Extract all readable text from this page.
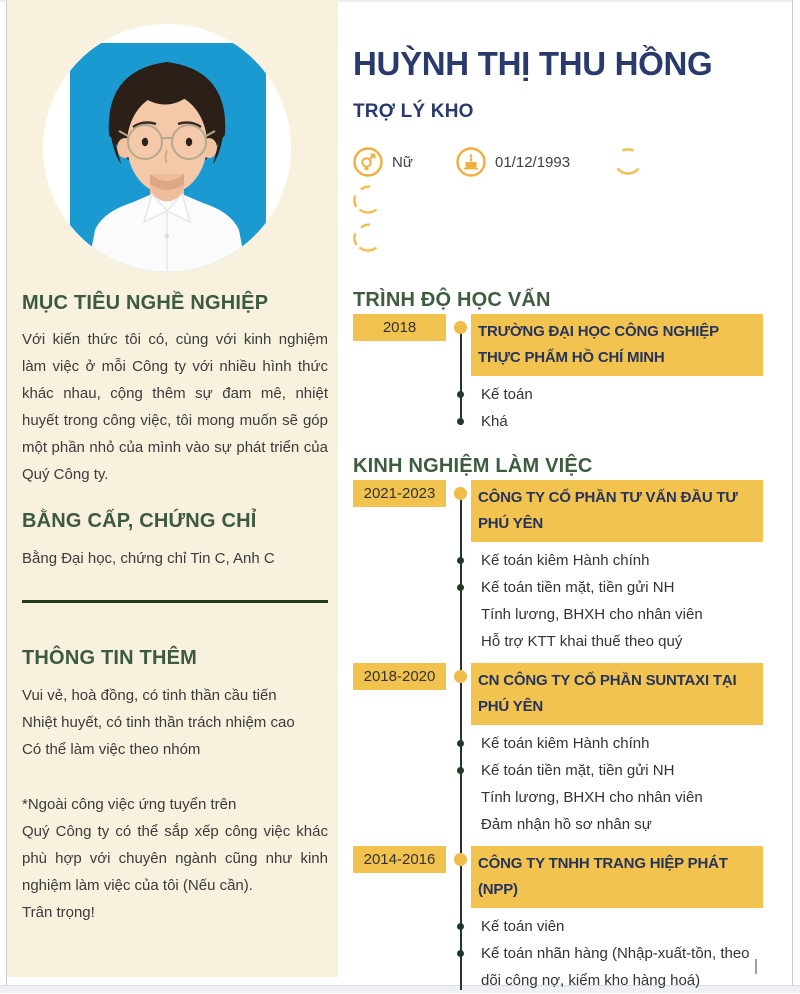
MỤC TIÊU NGHỀ NGHIỆP

Với kiến thức tôi có, cùng với kinh nghiệm làm việc ở mỗi Công ty với nhiều hình thức khác nhau, cộng thêm sự đam mê, nhiệt huyết trong công việc, tôi mong muốn sẽ góp một phần nhỏ của mình vào sự phát triển của Quý Công ty.

BẰNG CẤP, CHỨNG CHỈ

Bằng Đại học, chứng chỉ Tin C, Anh C

THÔNG TIN THÊM

Vui vẻ, hoà đồng, có tinh thần cầu tiến

Nhiệt huyết, có tinh thần trách nhiệm cao

Có thể làm việc theo nhóm

*Ngoài công việc ứng tuyển trên

Quý Công ty có thể sắp xếp công việc khác phù hợp với chuyên ngành cũng như kinh nghiệm làm việc của tôi (Nếu cần).

Trân trọng!

HUỲNH THỊ THU HỒNG
TRỢ LÝ KHO
Nữ	01/12/1993
TRÌNH ĐỘ HỌC VẤN
2018	TRƯỜNG ĐẠI HỌC CÔNG NGHIỆP THỰC PHẨM HỒ CHÍ MINH

Kế toán

Khá

KINH NGHIỆM LÀM VIỆC
2021-2023	CÔNG TY CỔ PHẦN TƯ VẤN ĐẦU TƯ PHÚ YÊN

Kế toán kiêm Hành chính

Kế toán tiền mặt, tiền gửi NH

Tính lương, BHXH cho nhân viên

Hỗ trợ KTT khai thuế theo quý

2018-2020	CN CÔNG TY CỔ PHẦN SUNTAXI TẠI PHÚ YÊN

Kế toán kiêm Hành chính

Kế toán tiền mặt, tiền gửi NH

Tính lương, BHXH cho nhân viên

Đảm nhận hồ sơ nhân sự

2014-2016	CÔNG TY TNHH TRANG HIỆP PHÁT (NPP)

Kế toán viên

Kế toán nhãn hàng (Nhập-xuất-tồn, theo dõi công nợ, kiểm kho hàng hoá)
